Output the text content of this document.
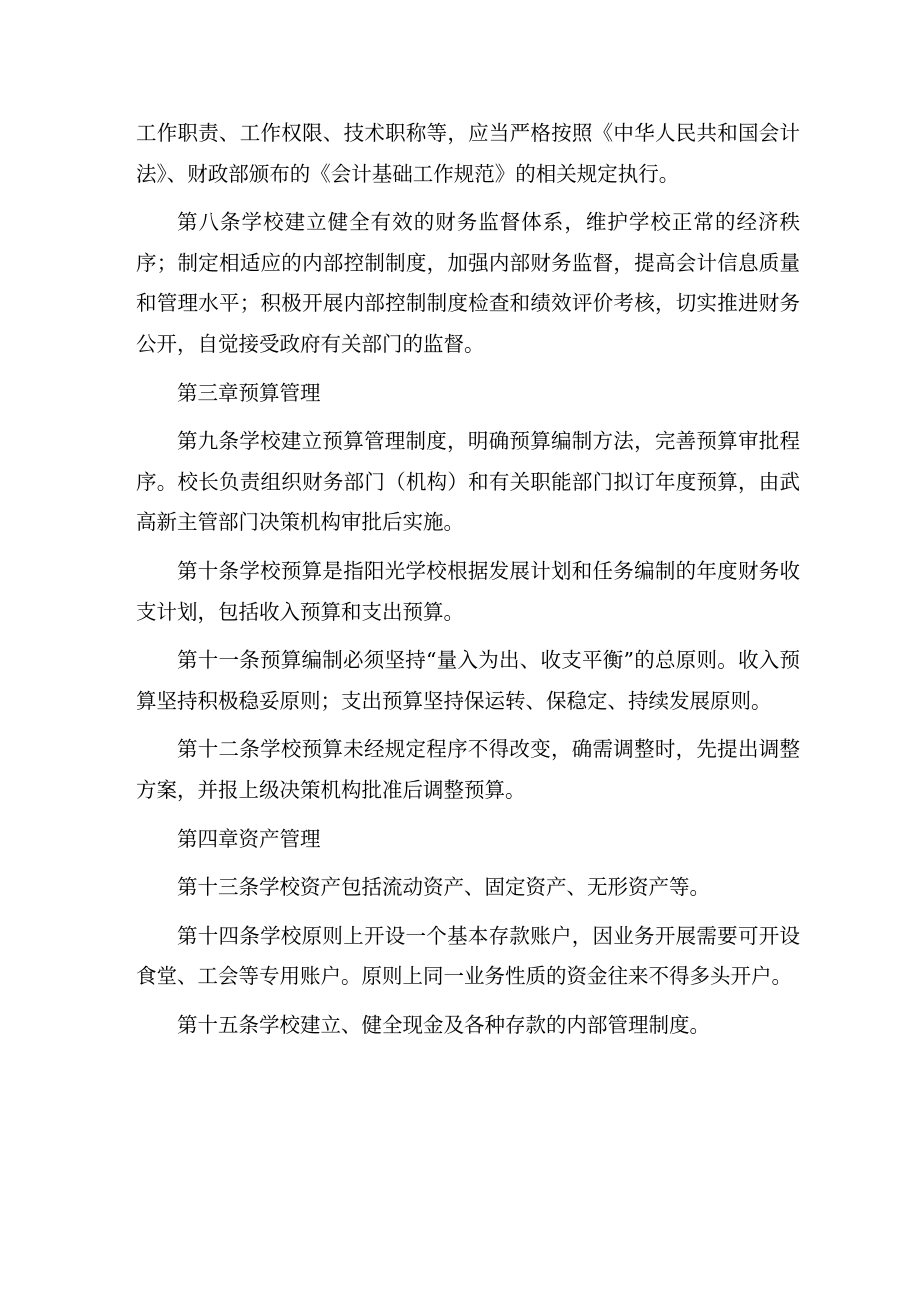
工作职责、工作权限、技术职称等，应当严格按照《中华人民共和国会计法》、财政部颁布的《会计基础工作规范》的相关规定执行。

第八条学校建立健全有效的财务监督体系，维护学校正常的经济秩序；制定相适应的内部控制制度，加强内部财务监督，提高会计信息质量和管理水平；积极开展内部控制制度检查和绩效评价考核，切实推进财务公开，自觉接受政府有关部门的监督。

第三章预算管理

第九条学校建立预算管理制度，明确预算编制方法，完善预算审批程序。校长负责组织财务部门（机构）和有关职能部门拟订年度预算，由武高新主管部门决策机构审批后实施。

第十条学校预算是指阳光学校根据发展计划和任务编制的年度财务收支计划，包括收入预算和支出预算。

第十一条预算编制必须坚持“量入为出、收支平衡”的总原则。收入预算坚持积极稳妥原则；支出预算坚持保运转、保稳定、持续发展原则。

第十二条学校预算未经规定程序不得改变，确需调整时，先提出调整方案，并报上级决策机构批准后调整预算。

第四章资产管理

第十三条学校资产包括流动资产、固定资产、无形资产等。

第十四条学校原则上开设一个基本存款账户，因业务开展需要可开设食堂、工会等专用账户。原则上同一业务性质的资金往来不得多头开户。

第十五条学校建立、健全现金及各种存款的内部管理制度。
